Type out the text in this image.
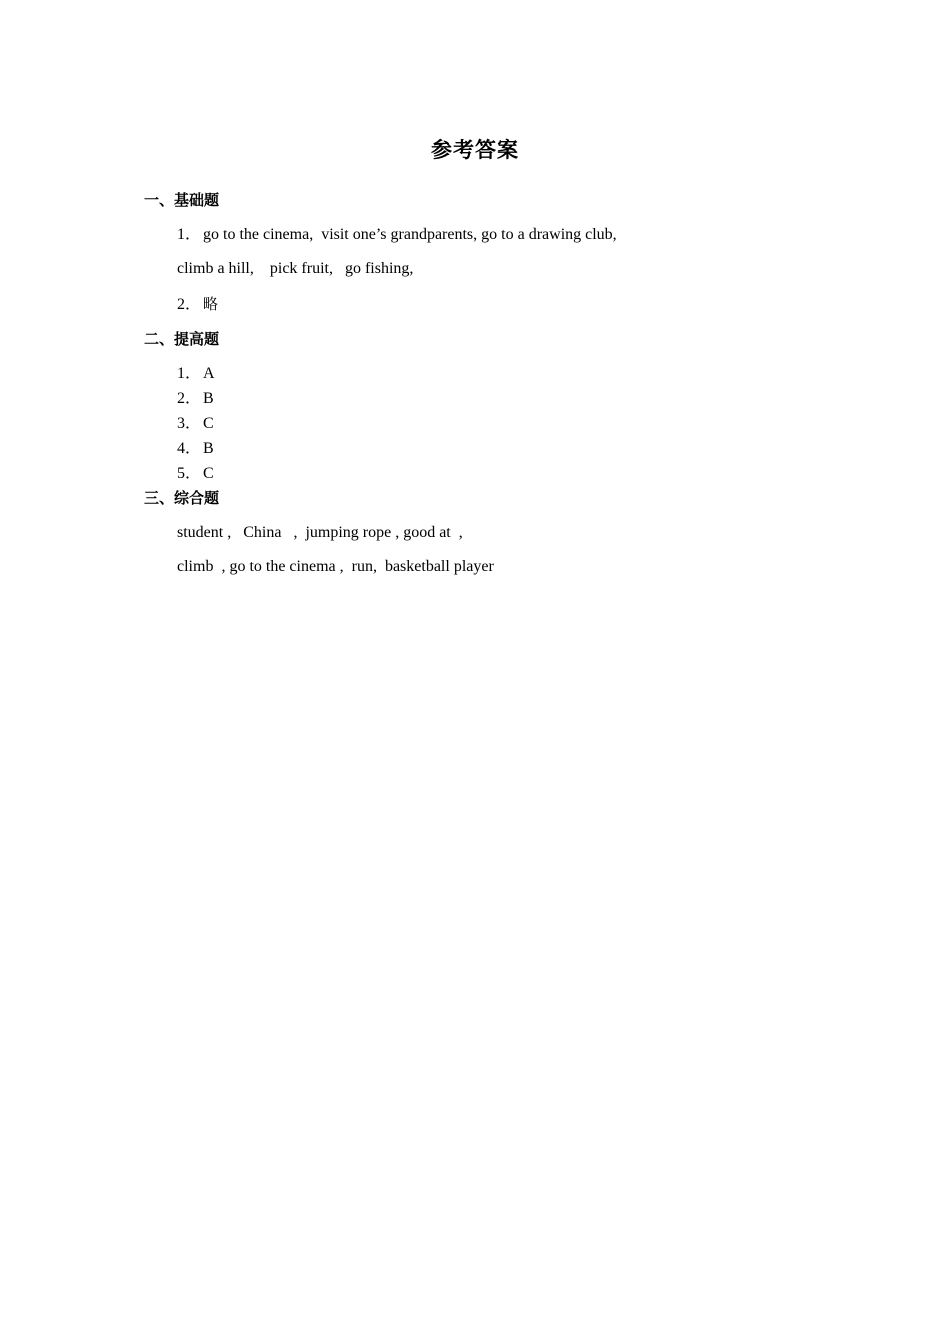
参考答案
一、基础题
1． go to the cinema,  visit one’s grandparents, go to a drawing club,
climb a hill,    pick fruit,   go fishing,
2． 略
二、提高题
1． A
2． B
3． C
4． B
5． C
三、综合题
student ,   China   ,  jumping rope , good at  ,
climb  , go to the cinema ,  run,  basketball player
